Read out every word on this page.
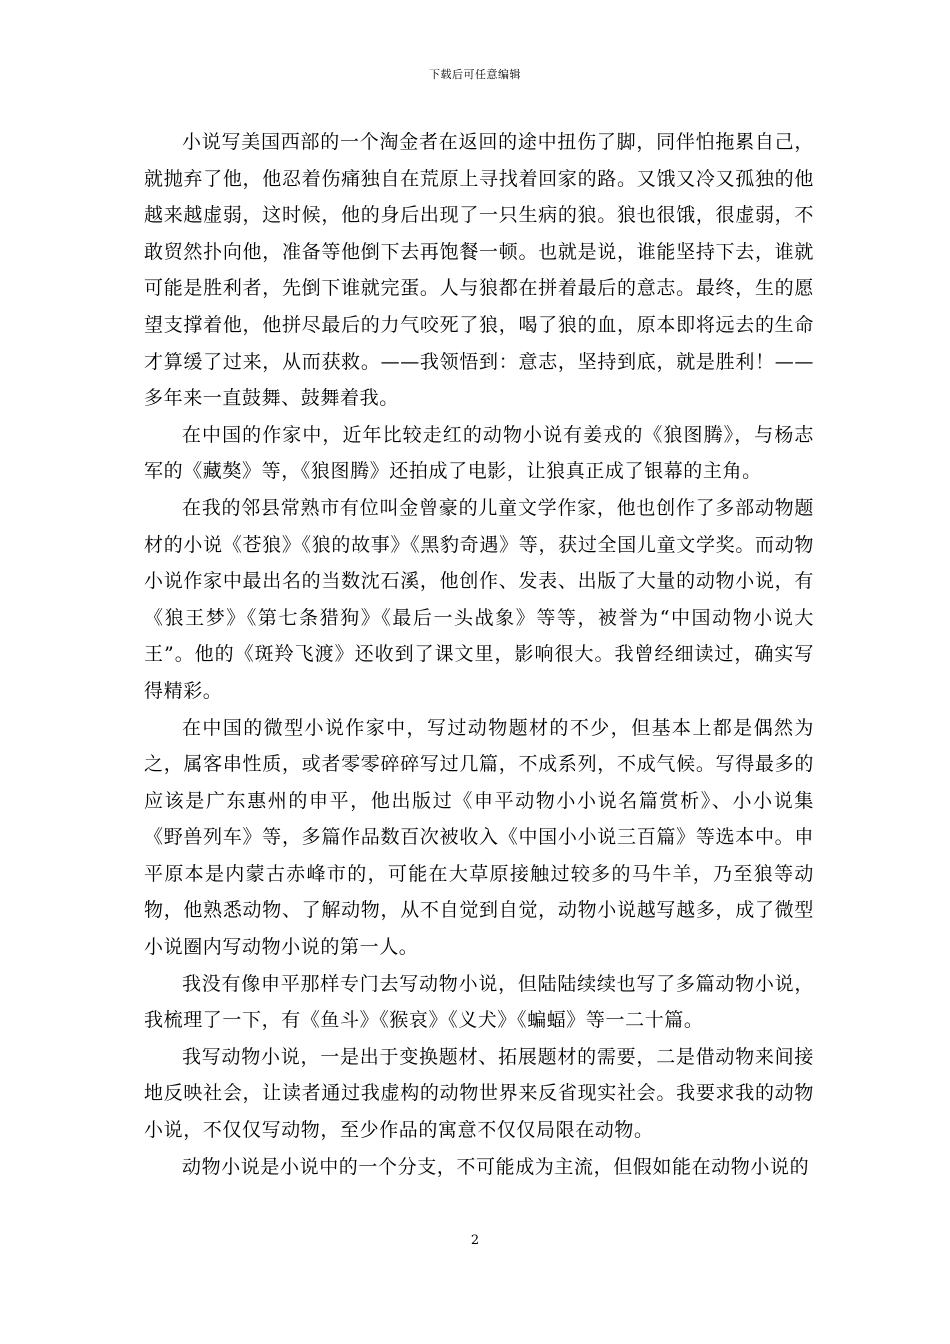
下载后可任意编辑

小说写美国西部的一个淘金者在返回的途中扭伤了脚，同伴怕拖累自己，就抛弃了他，他忍着伤痛独自在荒原上寻找着回家的路。又饿又冷又孤独的他越来越虚弱，这时候，他的身后出现了一只生病的狼。狼也很饿，很虚弱，不敢贸然扑向他，准备等他倒下去再饱餐一顿。也就是说，谁能坚持下去，谁就可能是胜利者，先倒下谁就完蛋。人与狼都在拼着最后的意志。最终，生的愿望支撑着他，他拼尽最后的力气咬死了狼，喝了狼的血，原本即将远去的生命才算缓了过来，从而获救。——我领悟到：意志，坚持到底，就是胜利！——多年来一直鼓舞、鼓舞着我。

在中国的作家中，近年比较走红的动物小说有姜戎的《狼图腾》，与杨志军的《藏獒》等，《狼图腾》还拍成了电影，让狼真正成了银幕的主角。

在我的邻县常熟市有位叫金曾豪的儿童文学作家，他也创作了多部动物题材的小说《苍狼》《狼的故事》《黑豹奇遇》等，获过全国儿童文学奖。而动物小说作家中最出名的当数沈石溪，他创作、发表、出版了大量的动物小说，有《狼王梦》《第七条猎狗》《最后一头战象》等等，被誉为“中国动物小说大王”。他的《斑羚飞渡》还收到了课文里，影响很大。我曾经细读过，确实写得精彩。

在中国的微型小说作家中，写过动物题材的不少，但基本上都是偶然为之，属客串性质，或者零零碎碎写过几篇，不成系列，不成气候。写得最多的应该是广东惠州的申平，他出版过《申平动物小小说名篇赏析》、小小说集《野兽列车》等，多篇作品数百次被收入《中国小小说三百篇》等选本中。申平原本是内蒙古赤峰市的，可能在大草原接触过较多的马牛羊，乃至狼等动物，他熟悉动物、了解动物，从不自觉到自觉，动物小说越写越多，成了微型小说圈内写动物小说的第一人。

我没有像申平那样专门去写动物小说，但陆陆续续也写了多篇动物小说，我梳理了一下，有《鱼斗》《猴哀》《义犬》《蝙蝠》等一二十篇。

我写动物小说，一是出于变换题材、拓展题材的需要，二是借动物来间接地反映社会，让读者通过我虚构的动物世界来反省现实社会。我要求我的动物小说，不仅仅写动物，至少作品的寓意不仅仅局限在动物。

动物小说是小说中的一个分支，不可能成为主流，但假如能在动物小说的

2
